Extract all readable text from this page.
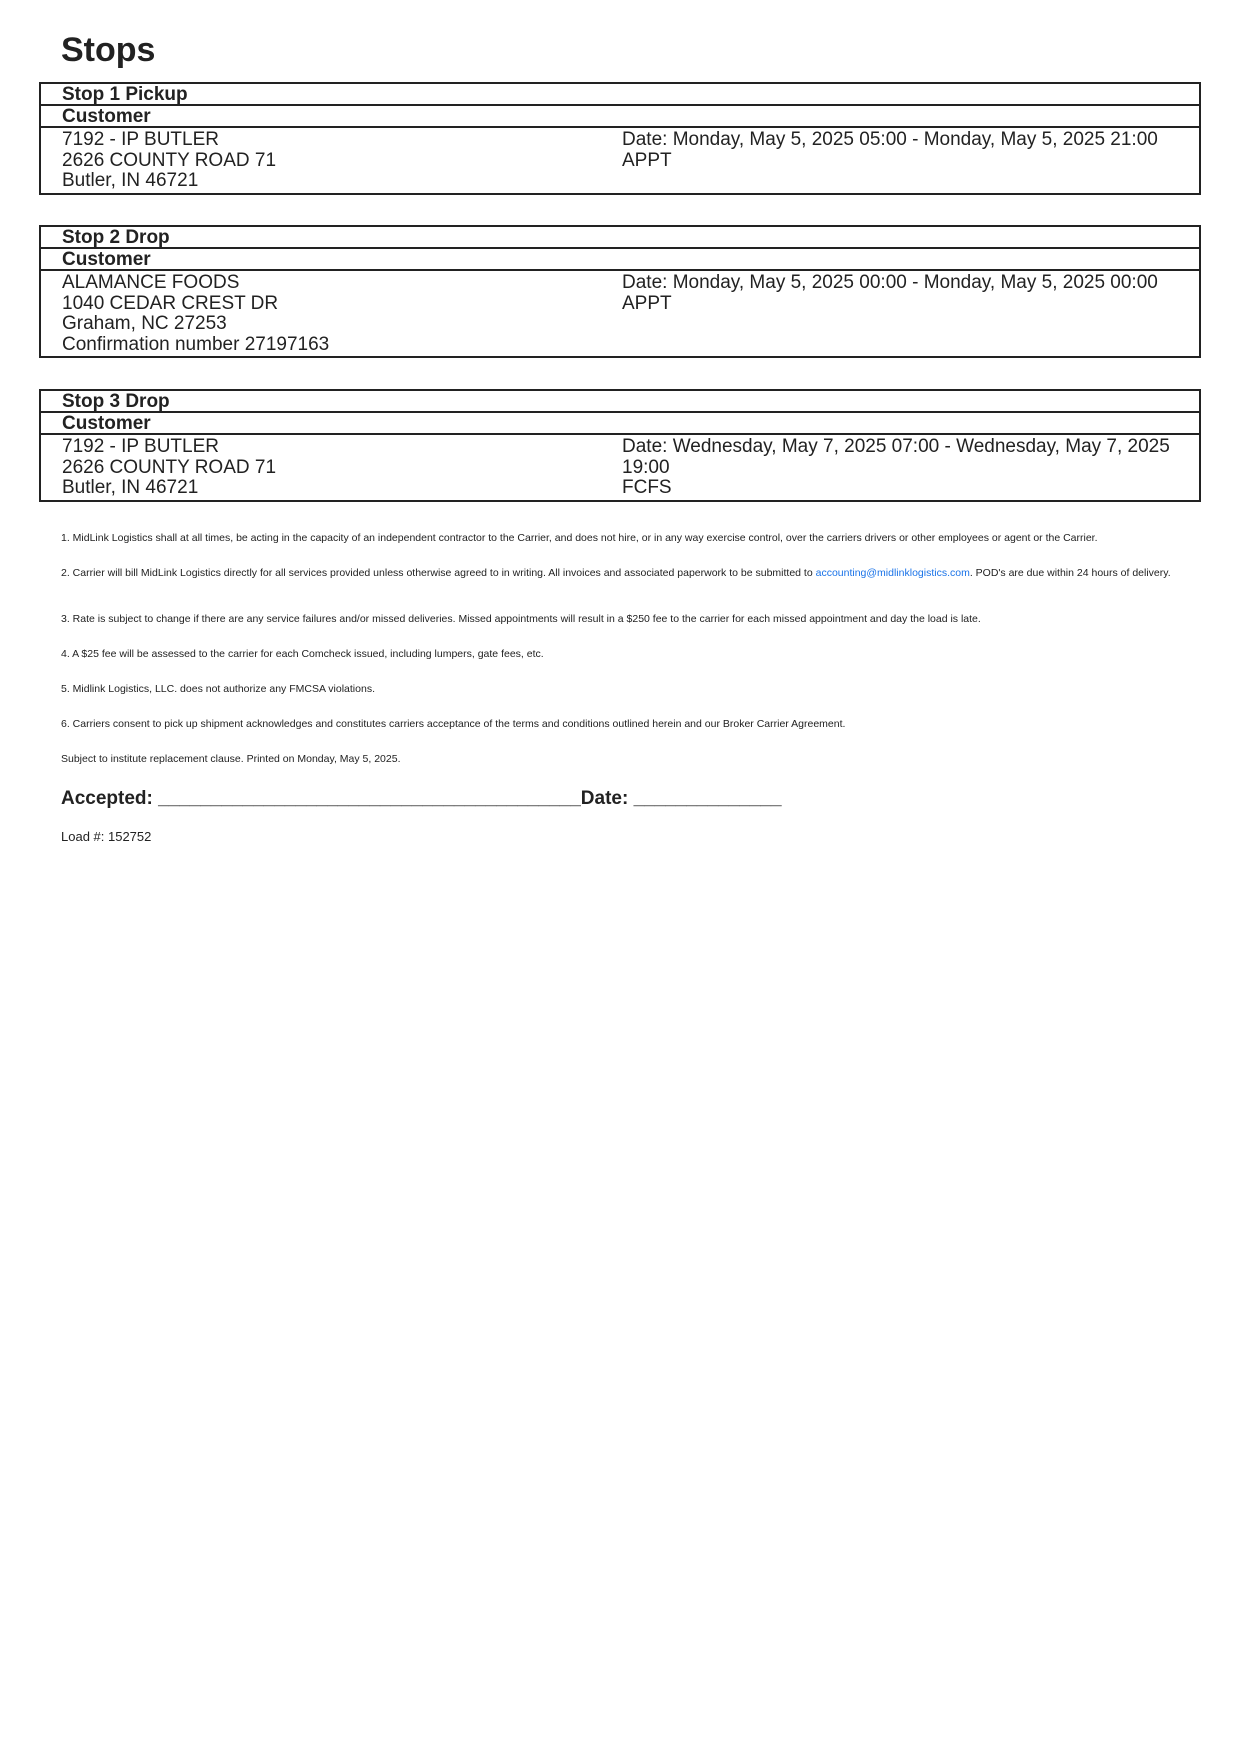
Stops
Stop 1 Pickup
Customer
7192 - IP BUTLER
2626 COUNTY ROAD 71
Butler, IN 46721
Date: Monday, May 5, 2025 05:00 - Monday, May 5, 2025 21:00
APPT
Stop 2 Drop
Customer
ALAMANCE FOODS
1040 CEDAR CREST DR
Graham, NC 27253
Confirmation number 27197163
Date: Monday, May 5, 2025 00:00 - Monday, May 5, 2025 00:00
APPT
Stop 3 Drop
Customer
7192 - IP BUTLER
2626 COUNTY ROAD 71
Butler, IN 46721
Date: Wednesday, May 7, 2025 07:00 - Wednesday, May 7, 2025 19:00
FCFS

1. MidLink Logistics shall at all times, be acting in the capacity of an independent contractor to the Carrier, and does not hire, or in any way exercise control, over the carriers drivers or other employees or agent or the Carrier.

2. Carrier will bill MidLink Logistics directly for all services provided unless otherwise agreed to in writing. All invoices and associated paperwork to be submitted to accounting@midlinklogistics.com. POD's are due within 24 hours of delivery.

3. Rate is subject to change if there are any service failures and/or missed deliveries. Missed appointments will result in a $250 fee to the carrier for each missed appointment and day the load is late.

4. A $25 fee will be assessed to the carrier for each Comcheck issued, including lumpers, gate fees, etc.

5. Midlink Logistics, LLC. does not authorize any FMCSA violations.

6. Carriers consent to pick up shipment acknowledges and constitutes carriers acceptance of the terms and conditions outlined herein and our Broker Carrier Agreement.

Subject to institute replacement clause. Printed on Monday, May 5, 2025.

Accepted: ________________________________________Date: ______________
Load #: 152752
